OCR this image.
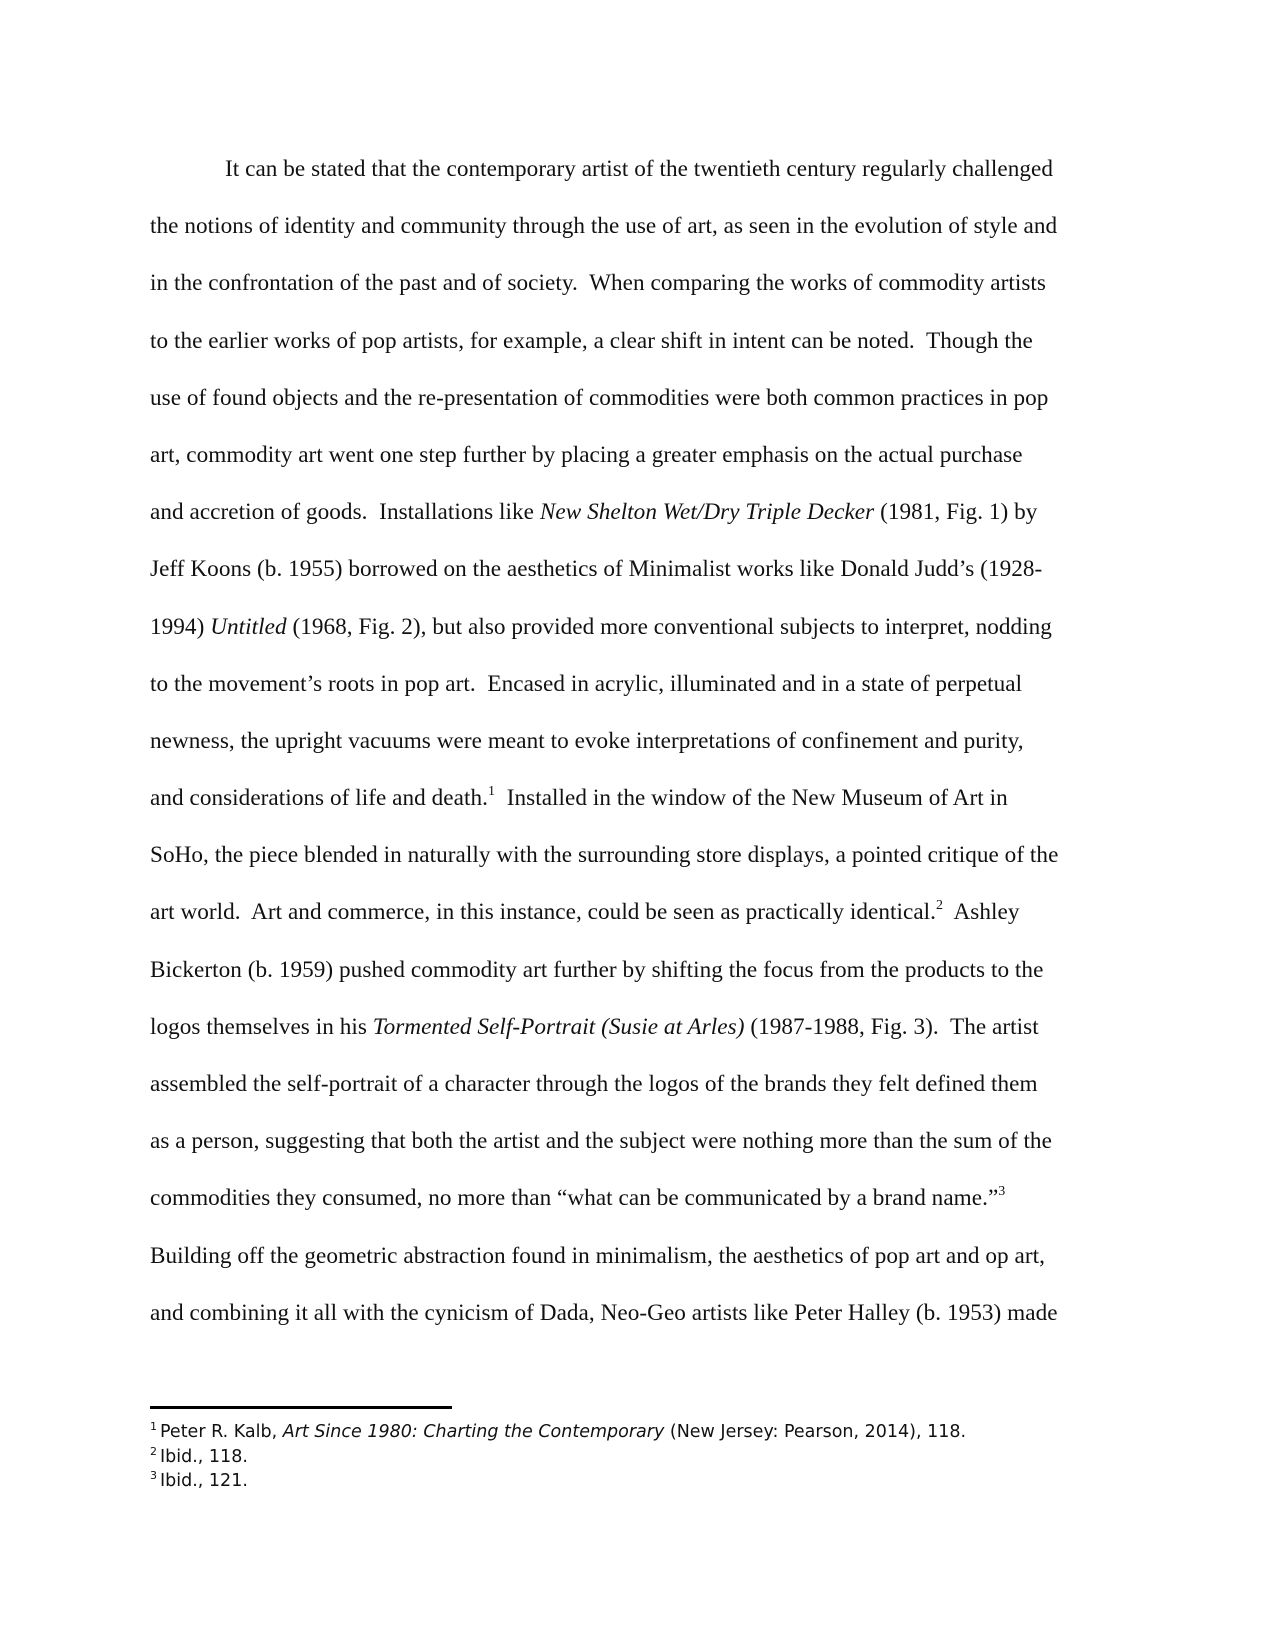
It can be stated that the contemporary artist of the twentieth century regularly challenged
the notions of identity and community through the use of art, as seen in the evolution of style and
in the confrontation of the past and of society.  When comparing the works of commodity artists
to the earlier works of pop artists, for example, a clear shift in intent can be noted.  Though the
use of found objects and the re-presentation of commodities were both common practices in pop
art, commodity art went one step further by placing a greater emphasis on the actual purchase
and accretion of goods.  Installations like New Shelton Wet/Dry Triple Decker (1981, Fig. 1) by
Jeff Koons (b. 1955) borrowed on the aesthetics of Minimalist works like Donald Judd’s (1928-
1994) Untitled (1968, Fig. 2), but also provided more conventional subjects to interpret, nodding
to the movement’s roots in pop art.  Encased in acrylic, illuminated and in a state of perpetual
newness, the upright vacuums were meant to evoke interpretations of confinement and purity,
and considerations of life and death.$^1$  Installed in the window of the New Museum of Art in
SoHo, the piece blended in naturally with the surrounding store displays, a pointed critique of the
art world.  Art and commerce, in this instance, could be seen as practically identical.$^2$  Ashley
Bickerton (b. 1959) pushed commodity art further by shifting the focus from the products to the
logos themselves in his Tormented Self-Portrait (Susie at Arles) (1987-1988, Fig. 3).  The artist
assembled the self-portrait of a character through the logos of the brands they felt defined them
as a person, suggesting that both the artist and the subject were nothing more than the sum of the
commodities they consumed, no more than “what can be communicated by a brand name.”$^3$
Building off the geometric abstraction found in minimalism, the aesthetics of pop art and op art,
and combining it all with the cynicism of Dada, Neo-Geo artists like Peter Halley (b. 1953) made
$^1$ Peter R. Kalb, Art Since 1980: Charting the Contemporary (New Jersey: Pearson, 2014), 118.
$^2$ Ibid., 118.
$^3$ Ibid., 121.
